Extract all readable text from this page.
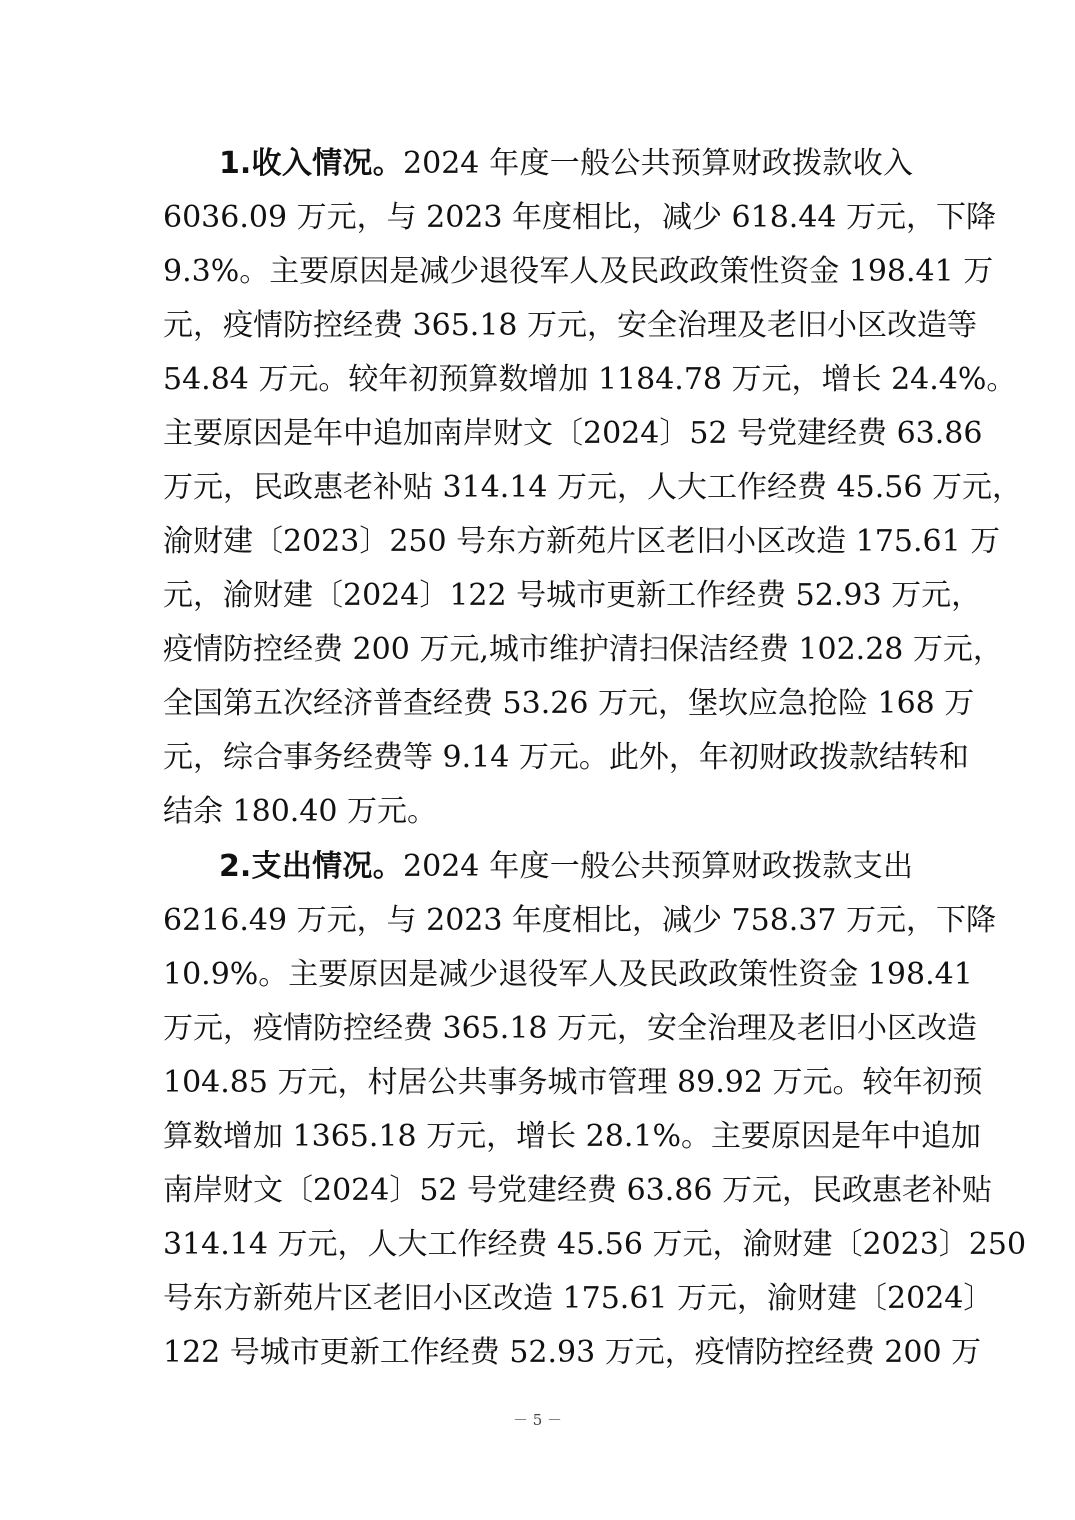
1.收入情况。2024 年度一般公共预算财政拨款收入
6036.09 万元，与 2023 年度相比，减少 618.44 万元，下降
9.3%。主要原因是减少退役军人及民政政策性资金 198.41 万
元，疫情防控经费 365.18 万元，安全治理及老旧小区改造等
54.84 万元。较年初预算数增加 1184.78 万元，增长 24.4%。
主要原因是年中追加南岸财文〔2024〕52 号党建经费 63.86
万元，民政惠老补贴 314.14 万元，人大工作经费 45.56 万元，
渝财建〔2023〕250 号东方新苑片区老旧小区改造 175.61 万
元，渝财建〔2024〕122 号城市更新工作经费 52.93 万元，
疫情防控经费 200 万元,城市维护清扫保洁经费 102.28 万元，
全国第五次经济普查经费 53.26 万元，堡坎应急抢险 168 万
元，综合事务经费等 9.14 万元。此外，年初财政拨款结转和
结余 180.40 万元。
2.支出情况。2024 年度一般公共预算财政拨款支出
6216.49 万元，与 2023 年度相比，减少 758.37 万元，下降
10.9%。主要原因是减少退役军人及民政政策性资金 198.41
万元，疫情防控经费 365.18 万元，安全治理及老旧小区改造
104.85 万元，村居公共事务城市管理 89.92 万元。较年初预
算数增加 1365.18 万元，增长 28.1%。主要原因是年中追加
南岸财文〔2024〕52 号党建经费 63.86 万元，民政惠老补贴
314.14 万元，人大工作经费 45.56 万元，渝财建〔2023〕250
号东方新苑片区老旧小区改造 175.61 万元，渝财建〔2024〕
122 号城市更新工作经费 52.93 万元，疫情防控经费 200 万
－ 5 －
